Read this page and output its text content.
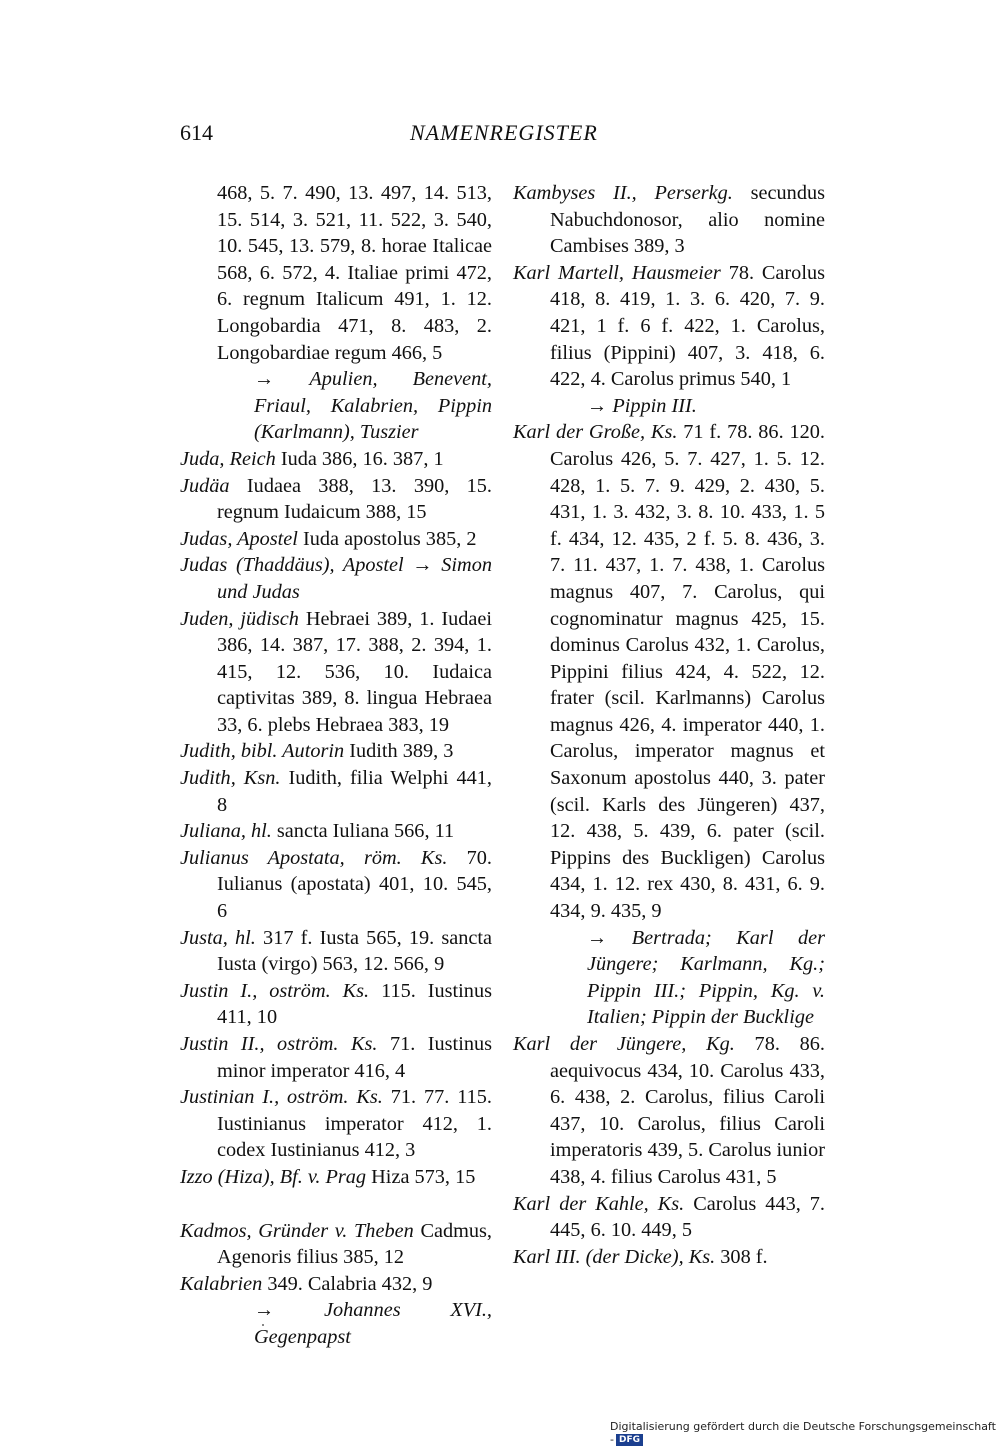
614	NAMENREGISTER

468, 5. 7. 490, 13. 497, 14. 513, 15. 514, 3. 521, 11. 522, 3. 540, 10. 545, 13. 579, 8. horae Italicae 568, 6. 572, 4. Italiae primi 472, 6. regnum Italicum 491, 1. 12. Longobardia 471, 8. 483, 2. Longobardiae regum 466, 5
→ Apulien, Benevent, Friaul, Kalabrien, Pippin (Karlmann), Tuszier

Juda, Reich Iuda 386, 16. 387, 1

Judäa Iudaea 388, 13. 390, 15. regnum Iudaicum 388, 15

Judas, Apostel Iuda apostolus 385, 2

Judas (Thaddäus), Apostel → Simon und Judas

Juden, jüdisch Hebraei 389, 1. Iudaei 386, 14. 387, 17. 388, 2. 394, 1. 415, 12. 536, 10. Iudaica captivitas 389, 8. lingua Hebraea 33, 6. plebs Hebraea 383, 19

Judith, bibl. Autorin Iudith 389, 3

Judith, Ksn. Iudith, filia Welphi 441, 8

Juliana, hl. sancta Iuliana 566, 11

Julianus Apostata, röm. Ks. 70. Iulianus (apostata) 401, 10. 545, 6

Justa, hl. 317 f. Iusta 565, 19. sancta Iusta (virgo) 563, 12. 566, 9

Justin I., oström. Ks. 115. Iustinus 411, 10

Justin II., oström. Ks. 71. Iustinus minor imperator 416, 4

Justinian I., oström. Ks. 71. 77. 115. Iustinianus imperator 412, 1. codex Iustinianus 412, 3

Izzo (Hiza), Bf. v. Prag Hiza 573, 15

Kadmos, Gründer v. Theben Cadmus, Agenoris filius 385, 12

Kalabrien 349. Calabria 432, 9
→ Johannes XVI., Gegenpapst

Kambyses II., Perserkg. secundus Nabuchdonosor, alio nomine Cambises 389, 3

Karl Martell, Hausmeier 78. Carolus 418, 8. 419, 1. 3. 6. 420, 7. 9. 421, 1 f. 6 f. 422, 1. Carolus, filius (Pippini) 407, 3. 418, 6. 422, 4. Carolus primus 540, 1
→ Pippin III.

Karl der Große, Ks. 71 f. 78. 86. 120. Carolus 426, 5. 7. 427, 1. 5. 12. 428, 1. 5. 7. 9. 429, 2. 430, 5. 431, 1. 3. 432, 3. 8. 10. 433, 1. 5 f. 434, 12. 435, 2 f. 5. 8. 436, 3. 7. 11. 437, 1. 7. 438, 1. Carolus magnus 407, 7. Carolus, qui cognominatur magnus 425, 15. dominus Carolus 432, 1. Carolus, Pippini filius 424, 4. 522, 12. frater (scil. Karlmanns) Carolus magnus 426, 4. imperator 440, 1. Carolus, imperator magnus et Saxonum apostolus 440, 3. pater (scil. Karls des Jüngeren) 437, 12. 438, 5. 439, 6. pater (scil. Pippins des Buckligen) Carolus 434, 1. 12. rex 430, 8. 431, 6. 9. 434, 9. 435, 9
→ Bertrada; Karl der Jüngere; Karlmann, Kg.; Pippin III.; Pippin, Kg. v. Italien; Pippin der Bucklige

Karl der Jüngere, Kg. 78. 86. aequivocus 434, 10. Carolus 433, 6. 438, 2. Carolus, filius Caroli 437, 10. Carolus, filius Caroli imperatoris 439, 5. Carolus iunior 438, 4. filius Carolus 431, 5

Karl der Kahle, Ks. Carolus 443, 7. 445, 6. 10. 449, 5

Karl III. (der Dicke), Ks. 308 f.

Digitalisierung gefördert durch die Deutsche Forschungsgemeinschaft - DFG
